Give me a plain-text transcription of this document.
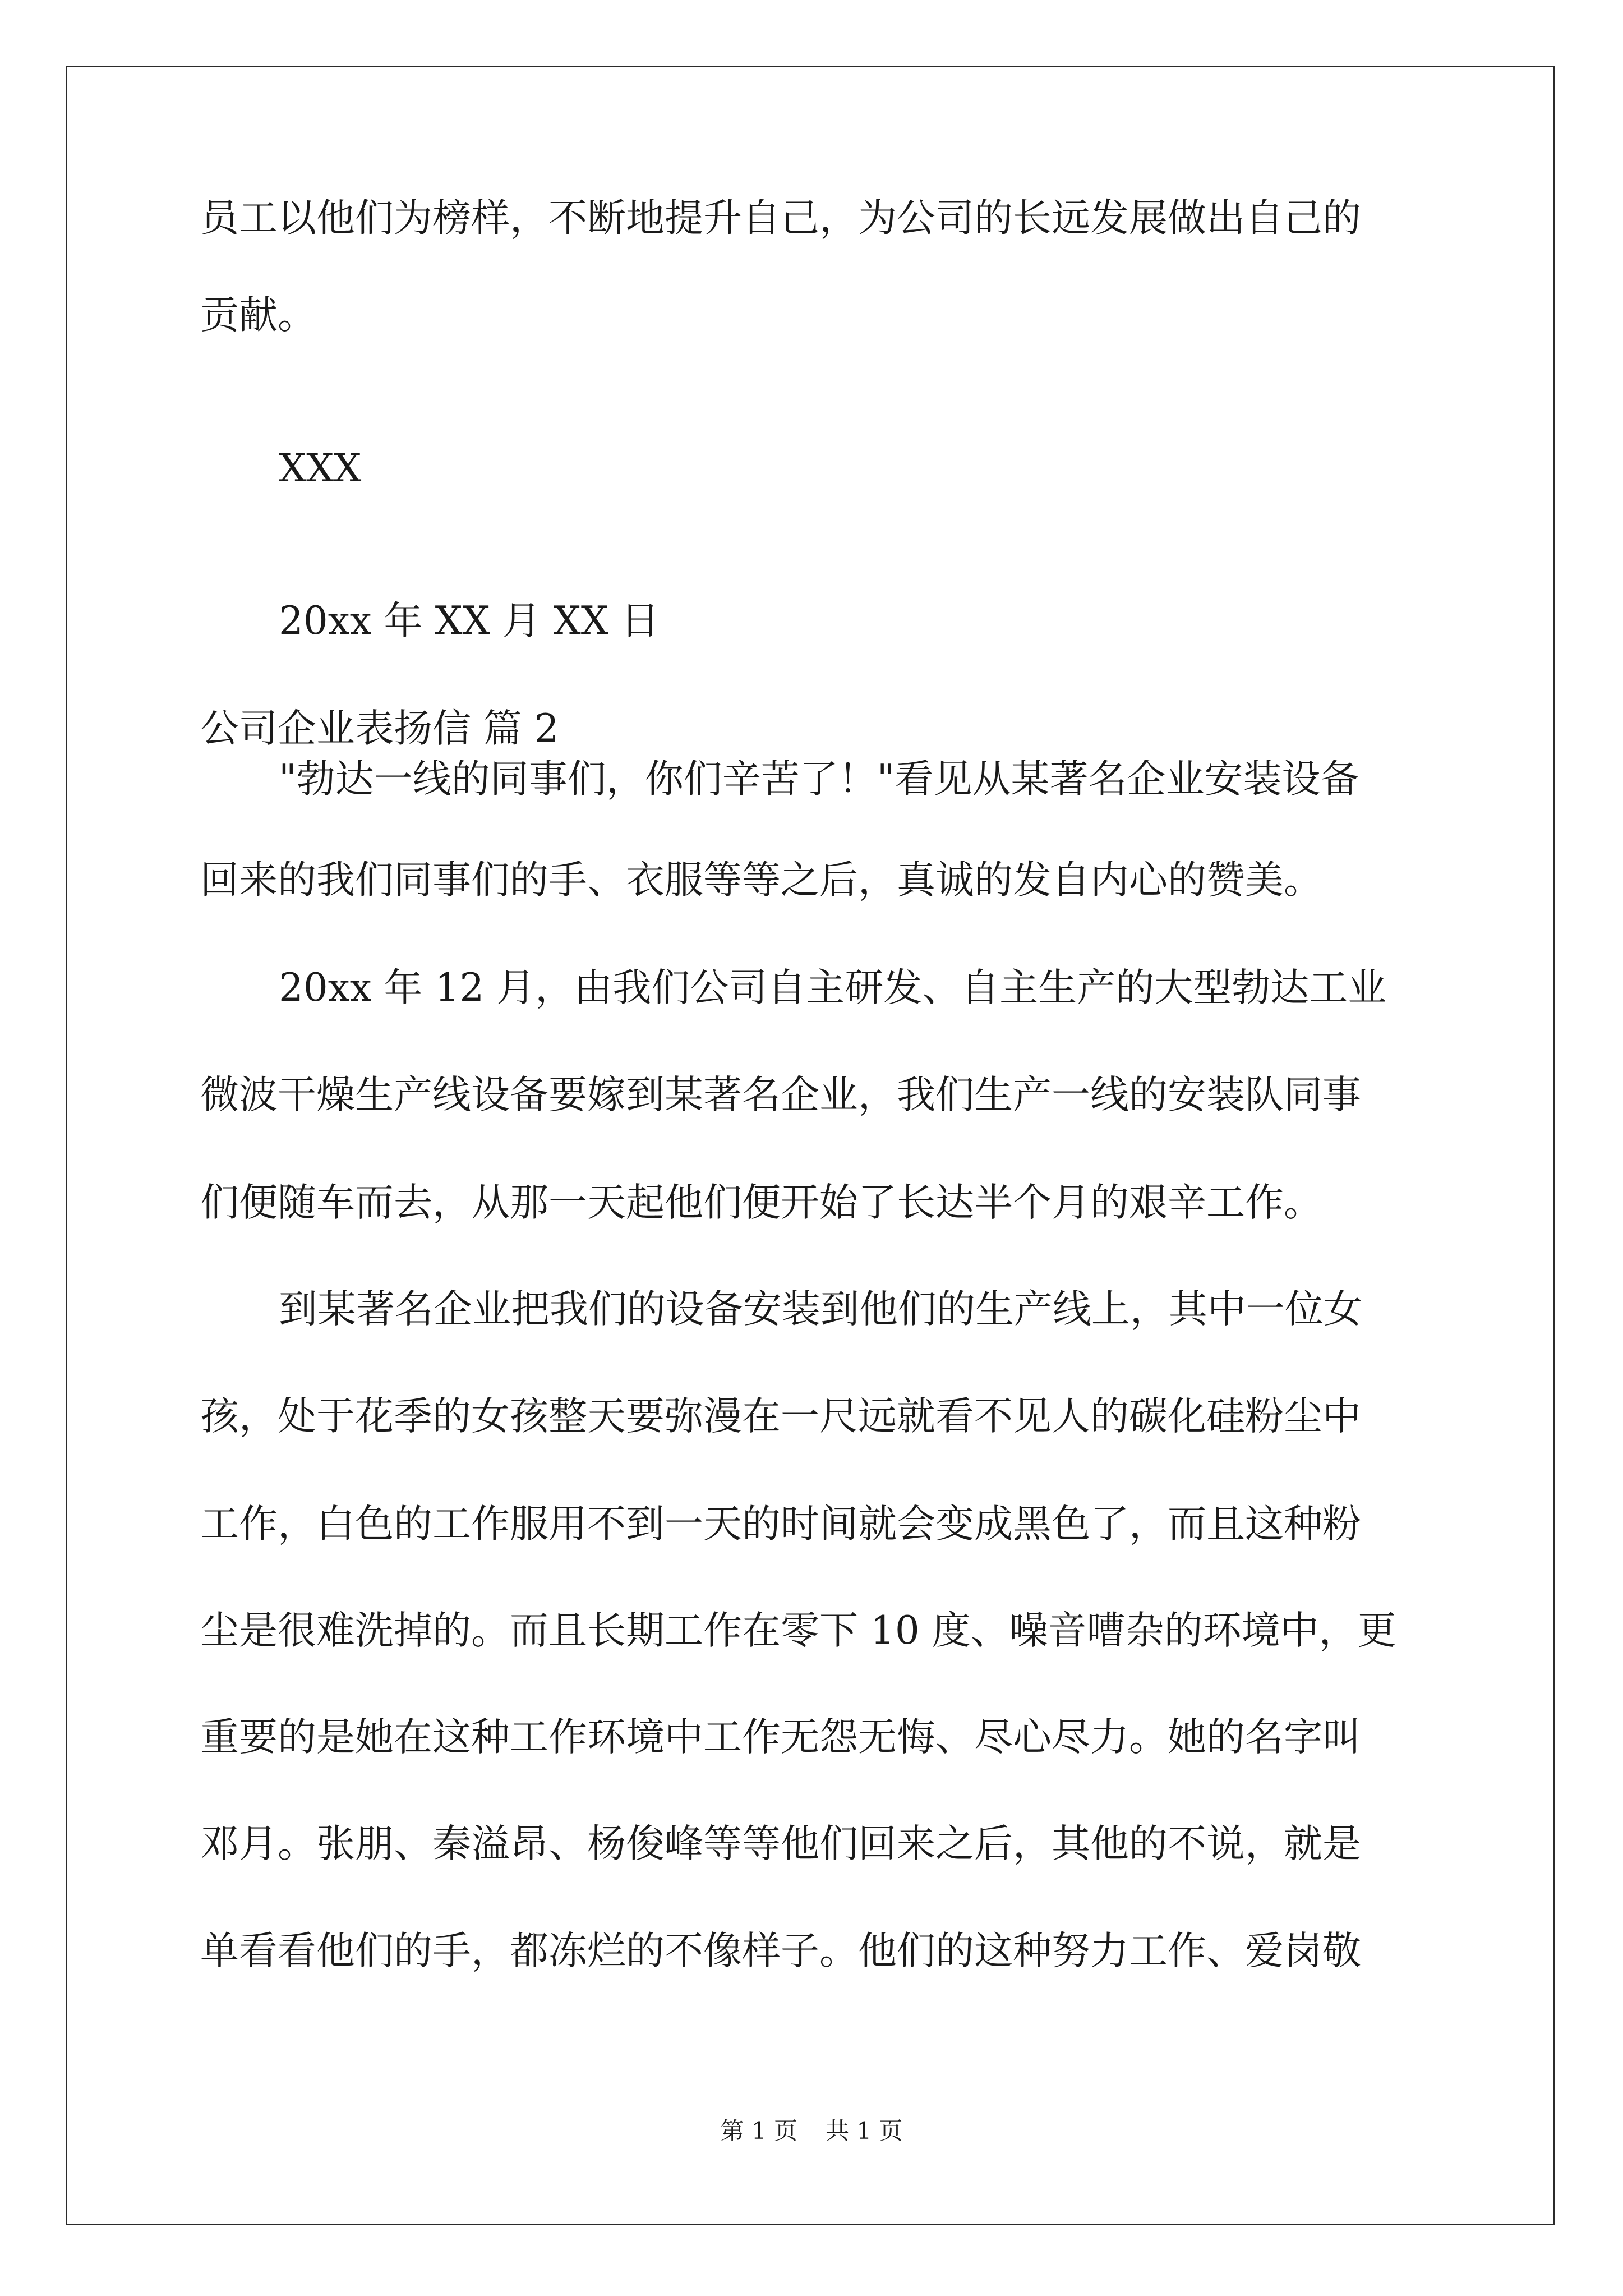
员工以他们为榜样，不断地提升自己，为公司的长远发展做出自己的
贡献。
XXX
20xx 年 XX 月 XX 日
公司企业表扬信 篇 2
"勃达一线的同事们，你们辛苦了！"看见从某著名企业安装设备
回来的我们同事们的手、衣服等等之后，真诚的发自内心的赞美。
20xx 年 12 月，由我们公司自主研发、自主生产的大型勃达工业
微波干燥生产线设备要嫁到某著名企业，我们生产一线的安装队同事
们便随车而去，从那一天起他们便开始了长达半个月的艰辛工作。
到某著名企业把我们的设备安装到他们的生产线上，其中一位女
孩，处于花季的女孩整天要弥漫在一尺远就看不见人的碳化硅粉尘中
工作，白色的工作服用不到一天的时间就会变成黑色了，而且这种粉
尘是很难洗掉的。而且长期工作在零下 10 度、噪音嘈杂的环境中，更
重要的是她在这种工作环境中工作无怨无悔、尽心尽力。她的名字叫
邓月。张朋、秦溢昂、杨俊峰等等他们回来之后，其他的不说，就是
单看看他们的手，都冻烂的不像样子。他们的这种努力工作、爱岗敬
第 1 页 共 1 页
